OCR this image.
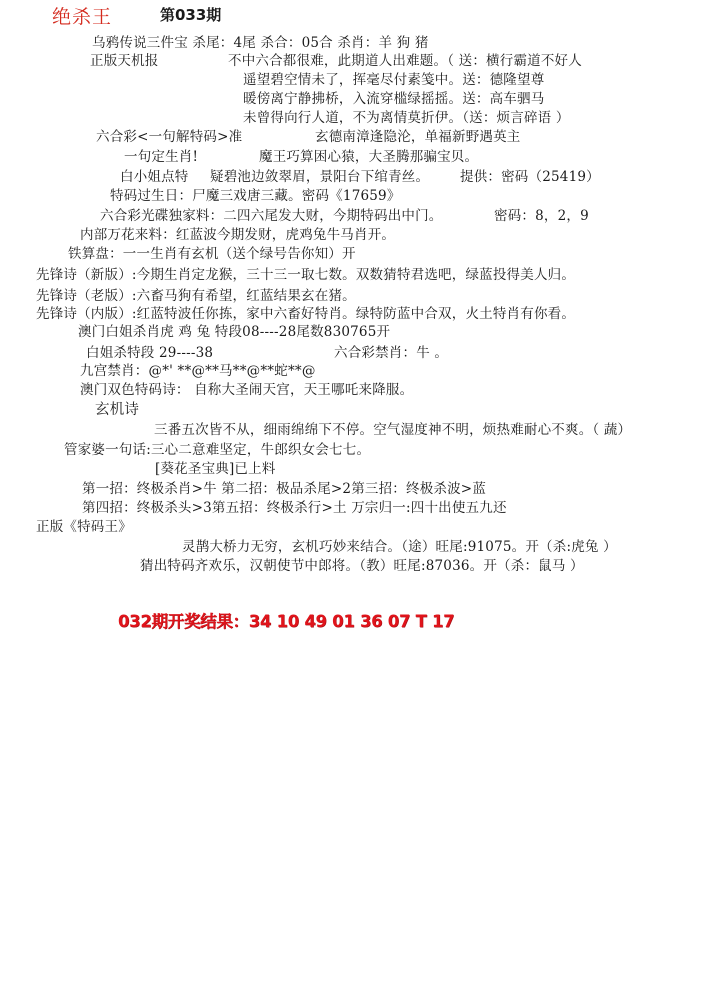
绝杀王	第033期
乌鸦传说三件宝 杀尾：4尾 杀合：05合 杀肖：羊 狗 猪
正版天机报	不中六合都很难，此期道人出难题。（ 送：横行霸道不好人
遥望碧空情未了，挥毫尽付素笺中。送：德隆望尊
暖傍离宁静拂桥，入流穿槛绿摇摇。送：高车驷马
未曾得向行人道，不为离情莫折伊。（送：烦言碎语 ）
六合彩<一句解特码>准	玄德南漳逢隐沦，单福新野遇英主
一句定生肖!	魔王巧算困心猿，大圣腾那骗宝贝。
白小姐点特 疑碧池边敛翠眉，景阳台下绾青丝。 提供：密码（25419）
特码过生日：尸魔三戏唐三藏。密码《17659》
六合彩光碟独家料：二四六尾发大财，今期特码出中门。	密码：8，2，9
内部万花来料：红蓝波今期发财，虎鸡兔牛马肖开。
铁算盘：一一生肖有玄机（送个绿号告你知）开
先锋诗（新版）:今期生肖定龙猴，三十三一取七数。双数猜特君选吧，绿蓝投得美人归。
先锋诗（老版）:六畜马狗有希望，红蓝结果玄在猪。
先锋诗（内版）:红蓝特波任你拣，家中六畜好特肖。绿特防蓝中合双，火土特肖有你看。
澳门白姐杀肖虎 鸡 兔 特段08----28尾数830765开
白姐杀特段 29----38	六合彩禁肖：牛 。
九宫禁肖：@*' **@**马**@**蛇**@
澳门双色特码诗： 自称大圣闹天宫，天王哪吒来降服。
玄机诗
三番五次皆不从，细雨绵绵下不停。空气湿度神不明，烦热难耐心不爽。（ 蔬）
管家婆一句话:三心二意难坚定，牛郎织女会七七。
[葵花圣宝典]已上料
第一招：终极杀肖>牛 第二招：极品杀尾>2第三招：终极杀波>蓝
第四招：终极杀头>3第五招：终极杀行>土 万宗归一:四十出使五九还
正版《特码王》
灵鹊大桥力无穷，玄机巧妙来结合。（途）旺尾:91075。开（杀:虎兔 ）
猜出特码齐欢乐，汉朝使节中郎将。（教）旺尾:87036。开（杀：鼠马 ）
032期开奖结果：34 10 49 01 36 07 T 17
